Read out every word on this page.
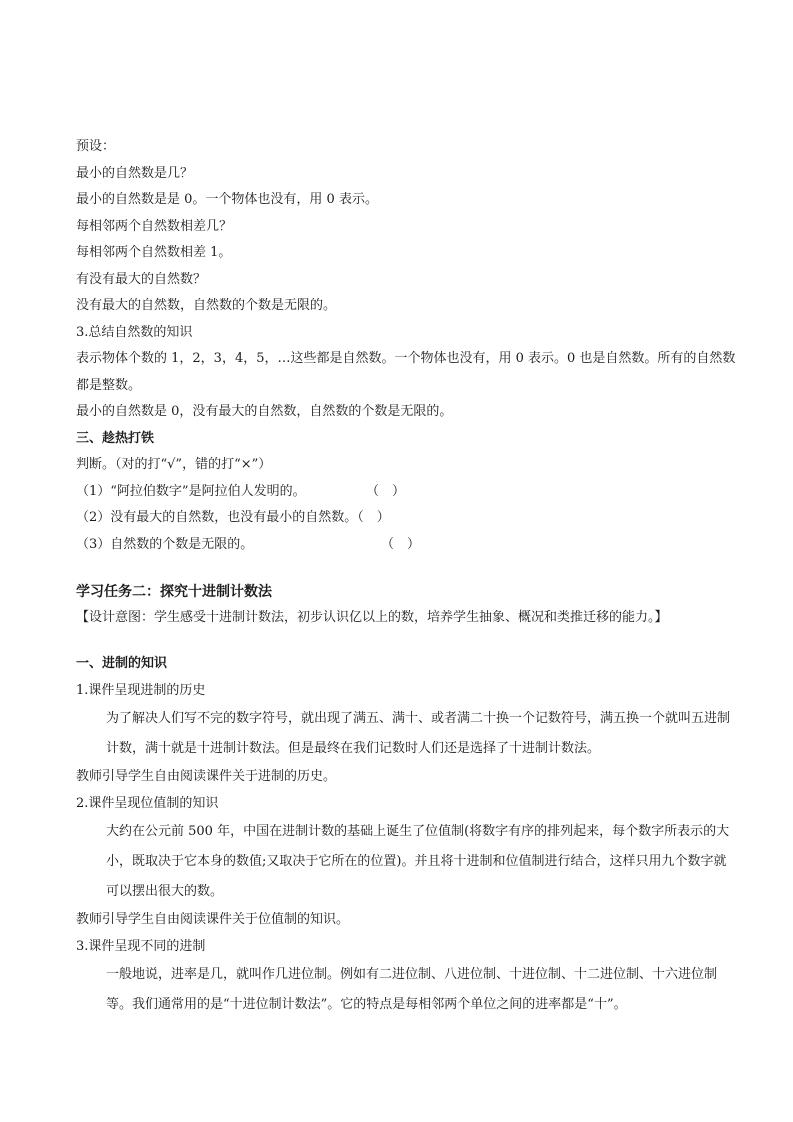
预设：
最小的自然数是几？
最小的自然数是是 0。一个物体也没有，用 0 表示。
每相邻两个自然数相差几？
每相邻两个自然数相差 1。
有没有最大的自然数？
没有最大的自然数，自然数的个数是无限的。
3.总结自然数的知识
表示物体个数的 1，2，3，4，5，…这些都是自然数。一个物体也没有，用 0 表示。0 也是自然数。所有的自然数都是整数。
最小的自然数是 0，没有最大的自然数，自然数的个数是无限的。
三、趁热打铁
判断。（对的打“√”，错的打“×”）
（1）“阿拉伯数字”是阿拉伯人发明的。	（　）
（2）没有最大的自然数，也没有最小的自然数。（　）
（3）自然数的个数是无限的。	（　）
学习任务二：探究十进制计数法
【设计意图：学生感受十进制计数法，初步认识亿以上的数，培养学生抽象、概况和类推迁移的能力。】
一、进制的知识
1.课件呈现进制的历史
为了解决人们写不完的数字符号，就出现了满五、满十、或者满二十换一个记数符号，满五换一个就叫五进制计数，满十就是十进制计数法。但是最终在我们记数时人们还是选择了十进制计数法。
教师引导学生自由阅读课件关于进制的历史。
2.课件呈现位值制的知识
大约在公元前 500 年，中国在进制计数的基础上诞生了位值制(将数字有序的排列起来，每个数字所表示的大小，既取决于它本身的数值;又取决于它所在的位置)。并且将十进制和位值制进行结合，这样只用九个数字就可以摆出很大的数。
教师引导学生自由阅读课件关于位值制的知识。
3.课件呈现不同的进制
一般地说，进率是几，就叫作几进位制。例如有二进位制、八进位制、十进位制、十二进位制、十六进位制等。我们通常用的是“十进位制计数法”。它的特点是每相邻两个单位之间的进率都是“十”。
